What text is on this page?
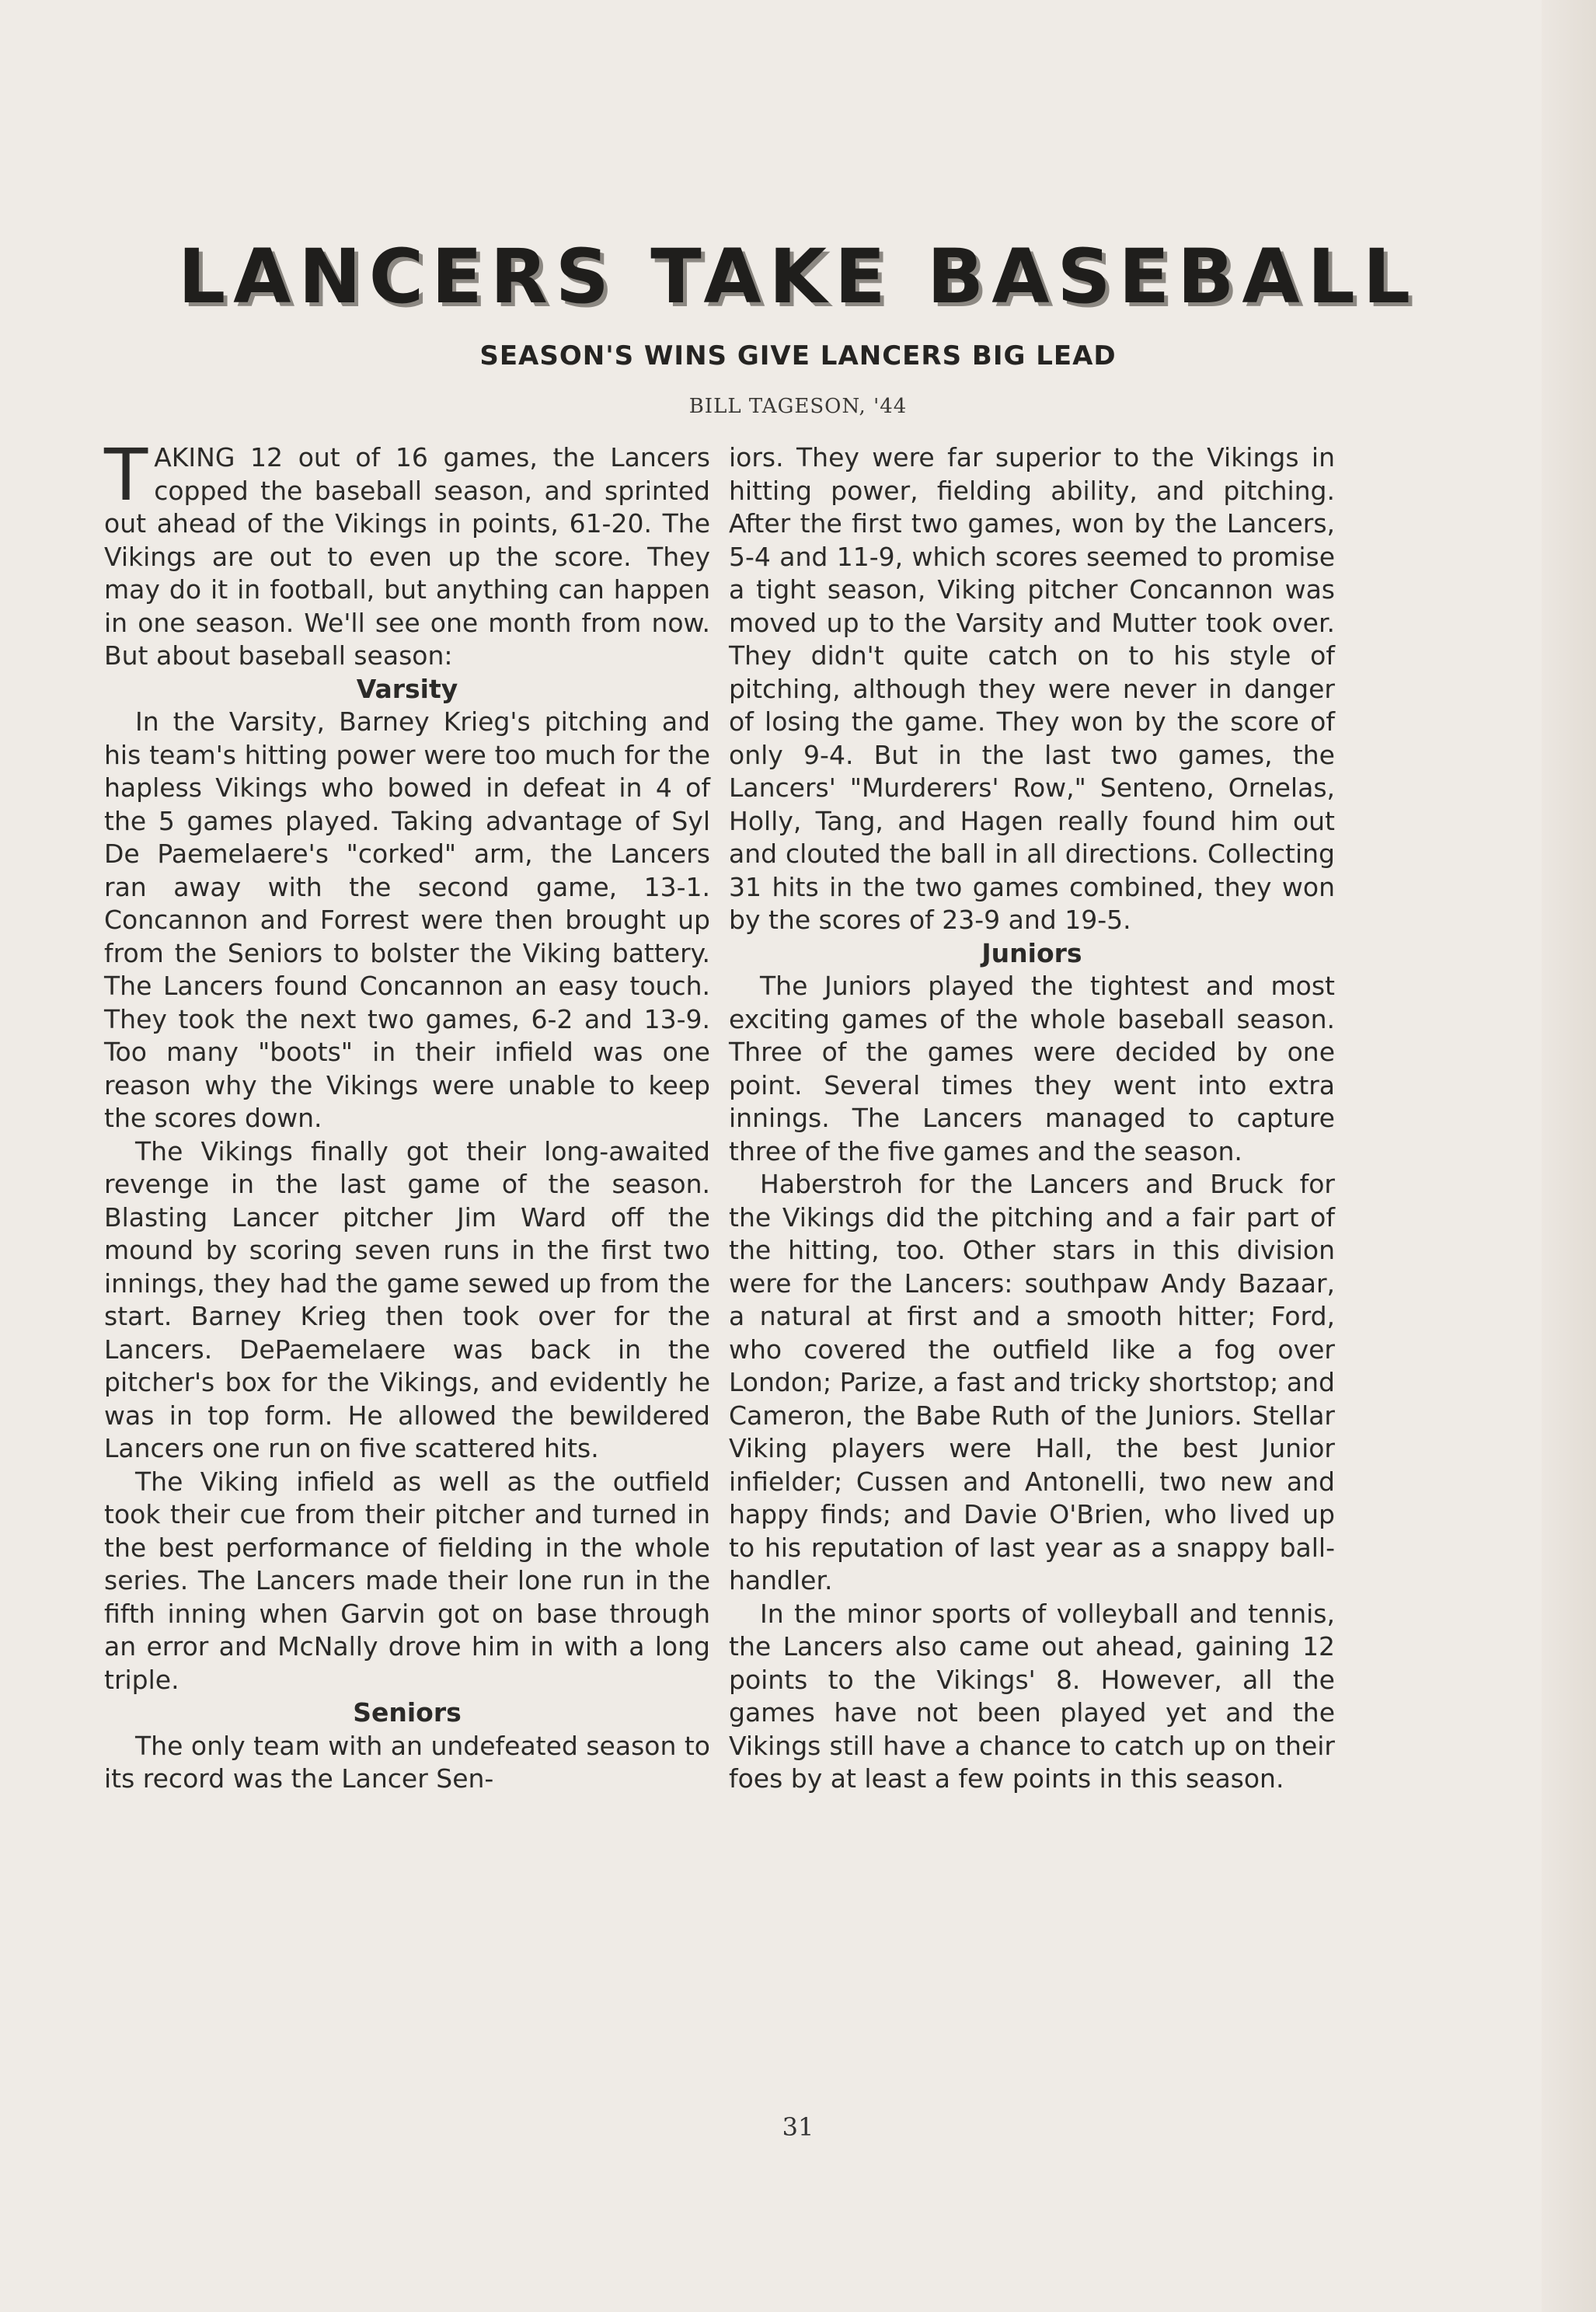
LANCERS TAKE BASEBALL
SEASON'S WINS GIVE LANCERS BIG LEAD

BILL TAGESON, '44

TAKING 12 out of 16 games, the Lancers copped the baseball season, and sprinted out ahead of the Vikings in points, 61-20. The Vikings are out to even up the score. They may do it in football, but anything can happen in one season. We'll see one month from now. But about baseball season:

Varsity

In the Varsity, Barney Krieg's pitching and his team's hitting power were too much for the hapless Vikings who bowed in defeat in 4 of the 5 games played. Taking advantage of Syl De Paemelaere's "corked" arm, the Lancers ran away with the second game, 13-1. Concannon and Forrest were then brought up from the Seniors to bolster the Viking battery. The Lancers found Concannon an easy touch. They took the next two games, 6-2 and 13-9. Too many "boots" in their infield was one reason why the Vikings were unable to keep the scores down.

The Vikings finally got their long-awaited revenge in the last game of the season. Blasting Lancer pitcher Jim Ward off the mound by scoring seven runs in the first two innings, they had the game sewed up from the start. Barney Krieg then took over for the Lancers. DePaemelaere was back in the pitcher's box for the Vikings, and evidently he was in top form. He allowed the bewildered Lancers one run on five scattered hits.

The Viking infield as well as the outfield took their cue from their pitcher and turned in the best performance of fielding in the whole series. The Lancers made their lone run in the fifth inning when Garvin got on base through an error and McNally drove him in with a long triple.

Seniors

The only team with an undefeated season to its record was the Lancer Sen-

iors. They were far superior to the Vikings in hitting power, fielding ability, and pitching. After the first two games, won by the Lancers, 5-4 and 11-9, which scores seemed to promise a tight season, Viking pitcher Concannon was moved up to the Varsity and Mutter took over. They didn't quite catch on to his style of pitching, although they were never in danger of losing the game. They won by the score of only 9-4. But in the last two games, the Lancers' "Murderers' Row," Senteno, Ornelas, Holly, Tang, and Hagen really found him out and clouted the ball in all directions. Collecting 31 hits in the two games combined, they won by the scores of 23-9 and 19-5.

Juniors

The Juniors played the tightest and most exciting games of the whole baseball season. Three of the games were decided by one point. Several times they went into extra innings. The Lancers managed to capture three of the five games and the season.

Haberstroh for the Lancers and Bruck for the Vikings did the pitching and a fair part of the hitting, too. Other stars in this division were for the Lancers: southpaw Andy Bazaar, a natural at first and a smooth hitter; Ford, who covered the outfield like a fog over London; Parize, a fast and tricky shortstop; and Cameron, the Babe Ruth of the Juniors. Stellar Viking players were Hall, the best Junior infielder; Cussen and Antonelli, two new and happy finds; and Davie O'Brien, who lived up to his reputation of last year as a snappy ball-handler.

In the minor sports of volleyball and tennis, the Lancers also came out ahead, gaining 12 points to the Vikings' 8. However, all the games have not been played yet and the Vikings still have a chance to catch up on their foes by at least a few points in this season.

31
